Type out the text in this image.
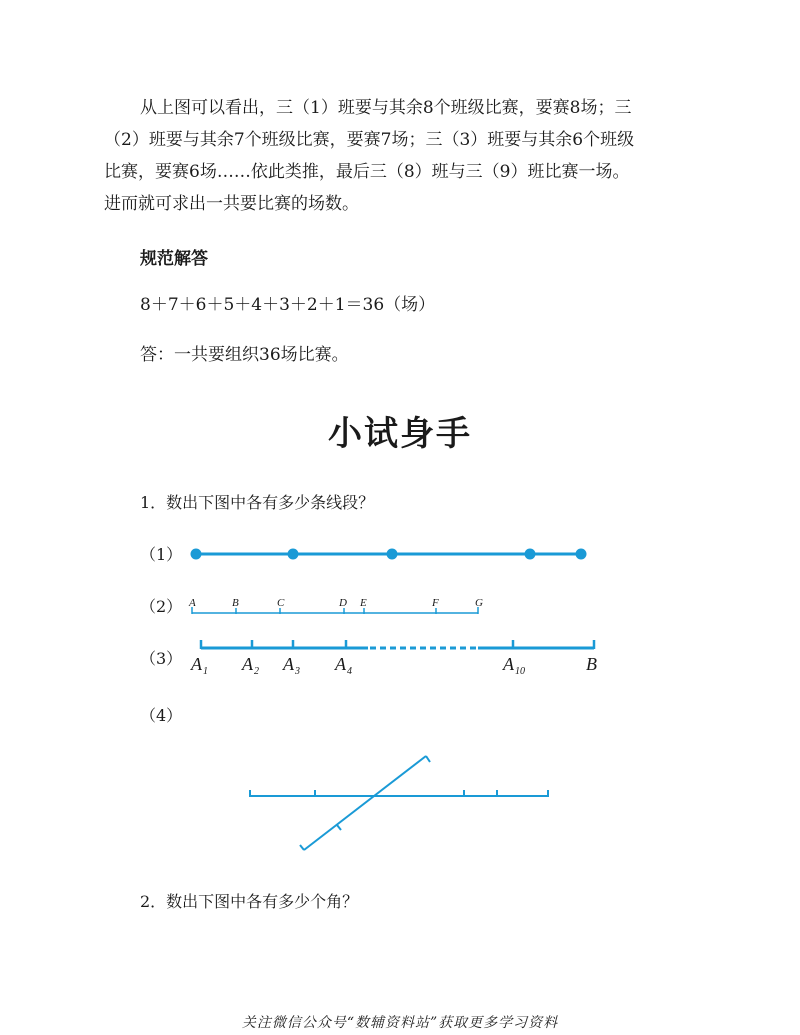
从上图可以看出，三（1）班要与其余8个班级比赛，要赛8场；三
（2）班要与其余7个班级比赛，要赛7场；三（3）班要与其余6个班级
比赛，要赛6场……依此类推，最后三（8）班与三（9）班比赛一场。
进而就可求出一共要比赛的场数。
规范解答
8＋7＋6＋5＋4＋3＋2＋1＝36（场）
答：一共要组织36场比赛。
小试身手
1．数出下图中各有多少条线段？
（1）
（2）
（3）
（4）
A	B	C	D E	F	G
A 1 A 2 A 3 A 4	A 10	B
2．数出下图中各有多少个角？
关注微信公众号“数辅资料站”获取更多学习资料
